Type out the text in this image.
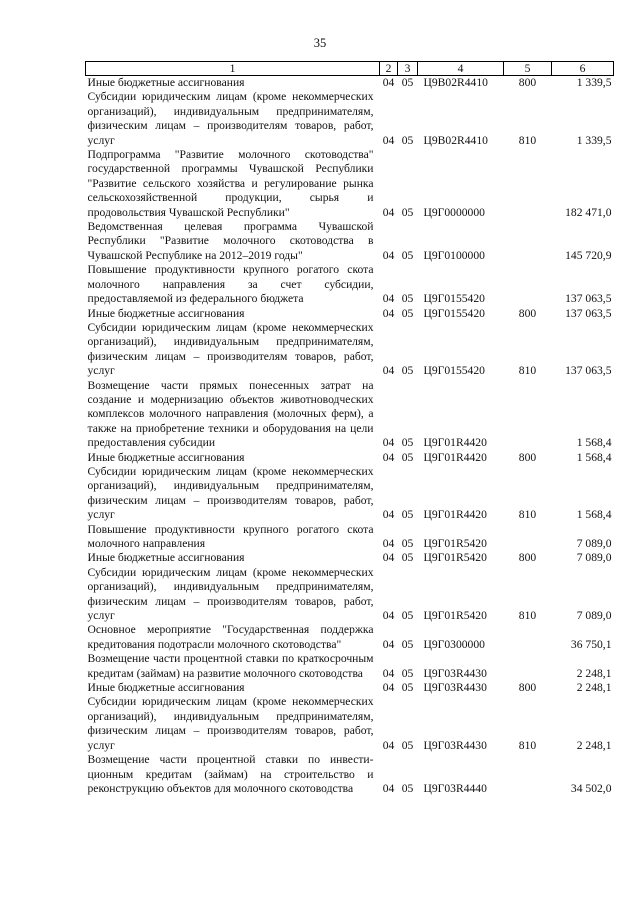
35
1	2	3	4	5	6
Иные бюджетные ассигнования	04	05	Ц9В02R4410	800	1 339,5
Субсидии юридическим лицам (кроме некоммерческих организаций), индивидуальным предпринимателям, физическим лицам – производителям товаров, работ, услуг	04	05	Ц9В02R4410	810	1 339,5
Подпрограмма "Развитие молочного скотоводства" государственной программы Чувашской Республики "Развитие сельского хозяйства и регулирование рынка сельскохозяйственной продукции, сырья и продовольствия Чувашской Республики"	04	05	Ц9Г0000000		182 471,0
Ведомственная целевая программа Чувашской Республики "Развитие молочного скотоводства в Чувашской Республике на 2012–2019 годы"	04	05	Ц9Г0100000		145 720,9
Повышение продуктивности крупного рогатого скота молочного направления за счет субсидии, предоставляемой из федерального бюджета	04	05	Ц9Г0155420		137 063,5
Иные бюджетные ассигнования	04	05	Ц9Г0155420	800	137 063,5
Субсидии юридическим лицам (кроме некоммерческих организаций), индивидуальным предпринимателям, физическим лицам – производителям товаров, работ, услуг	04	05	Ц9Г0155420	810	137 063,5
Возмещение части прямых понесенных затрат на создание и модернизацию объектов животноводческих комплексов молочного направления (молочных ферм), а также на приобретение техники и оборудования на цели предоставления субсидии	04	05	Ц9Г01R4420		1 568,4
Иные бюджетные ассигнования	04	05	Ц9Г01R4420	800	1 568,4
Субсидии юридическим лицам (кроме некоммерческих организаций), индивидуальным предпринимателям, физическим лицам – производителям товаров, работ, услуг	04	05	Ц9Г01R4420	810	1 568,4
Повышение продуктивности крупного рогатого скота молочного направления	04	05	Ц9Г01R5420		7 089,0
Иные бюджетные ассигнования	04	05	Ц9Г01R5420	800	7 089,0
Субсидии юридическим лицам (кроме некоммерческих организаций), индивидуальным предпринимателям, физическим лицам – производителям товаров, работ, услуг	04	05	Ц9Г01R5420	810	7 089,0
Основное мероприятие "Государственная поддержка кредитования подотрасли молочного скотоводства"	04	05	Ц9Г0300000		36 750,1
Возмещение части процентной ставки по краткосрочным кредитам (займам) на развитие молочного скотоводства	04	05	Ц9Г03R4430		2 248,1
Иные бюджетные ассигнования	04	05	Ц9Г03R4430	800	2 248,1
Субсидии юридическим лицам (кроме некоммерческих организаций), индивидуальным предпринимателям, физическим лицам – производителям товаров, работ, услуг	04	05	Ц9Г03R4430	810	2 248,1
Возмещение части процентной ставки по инвестиционным кредитам (займам) на строительство и реконструкцию объектов для молочного скотоводства	04	05	Ц9Г03R4440		34 502,0
